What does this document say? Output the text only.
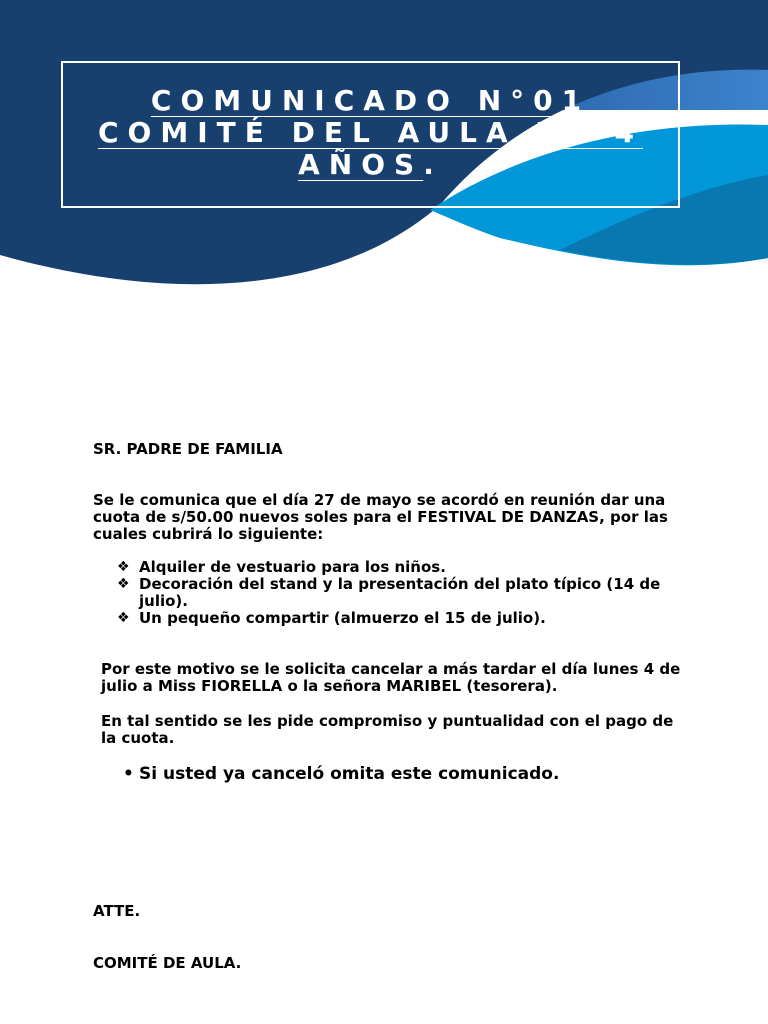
COMUNICADO N°01
COMITÉ DEL AULA DE 4
AÑOS.
SR. PADRE DE FAMILIA
Se le comunica que el día 27 de mayo se acordó en reunión dar una cuota de s/50.00 nuevos soles para el FESTIVAL DE DANZAS, por las cuales cubrirá lo siguiente:
❖ Alquiler de vestuario para los niños.
❖ Decoración del stand y la presentación del plato típico (14 de julio).
❖ Un pequeño compartir (almuerzo el 15 de julio).
Por este motivo se le solicita cancelar a más tardar el día lunes 4 de julio a Miss FIORELLA o la señora MARIBEL (tesorera).
En tal sentido se les pide compromiso y puntualidad con el pago de la cuota.
• Si usted ya canceló omita este comunicado.
ATTE.
COMITÉ DE AULA.
